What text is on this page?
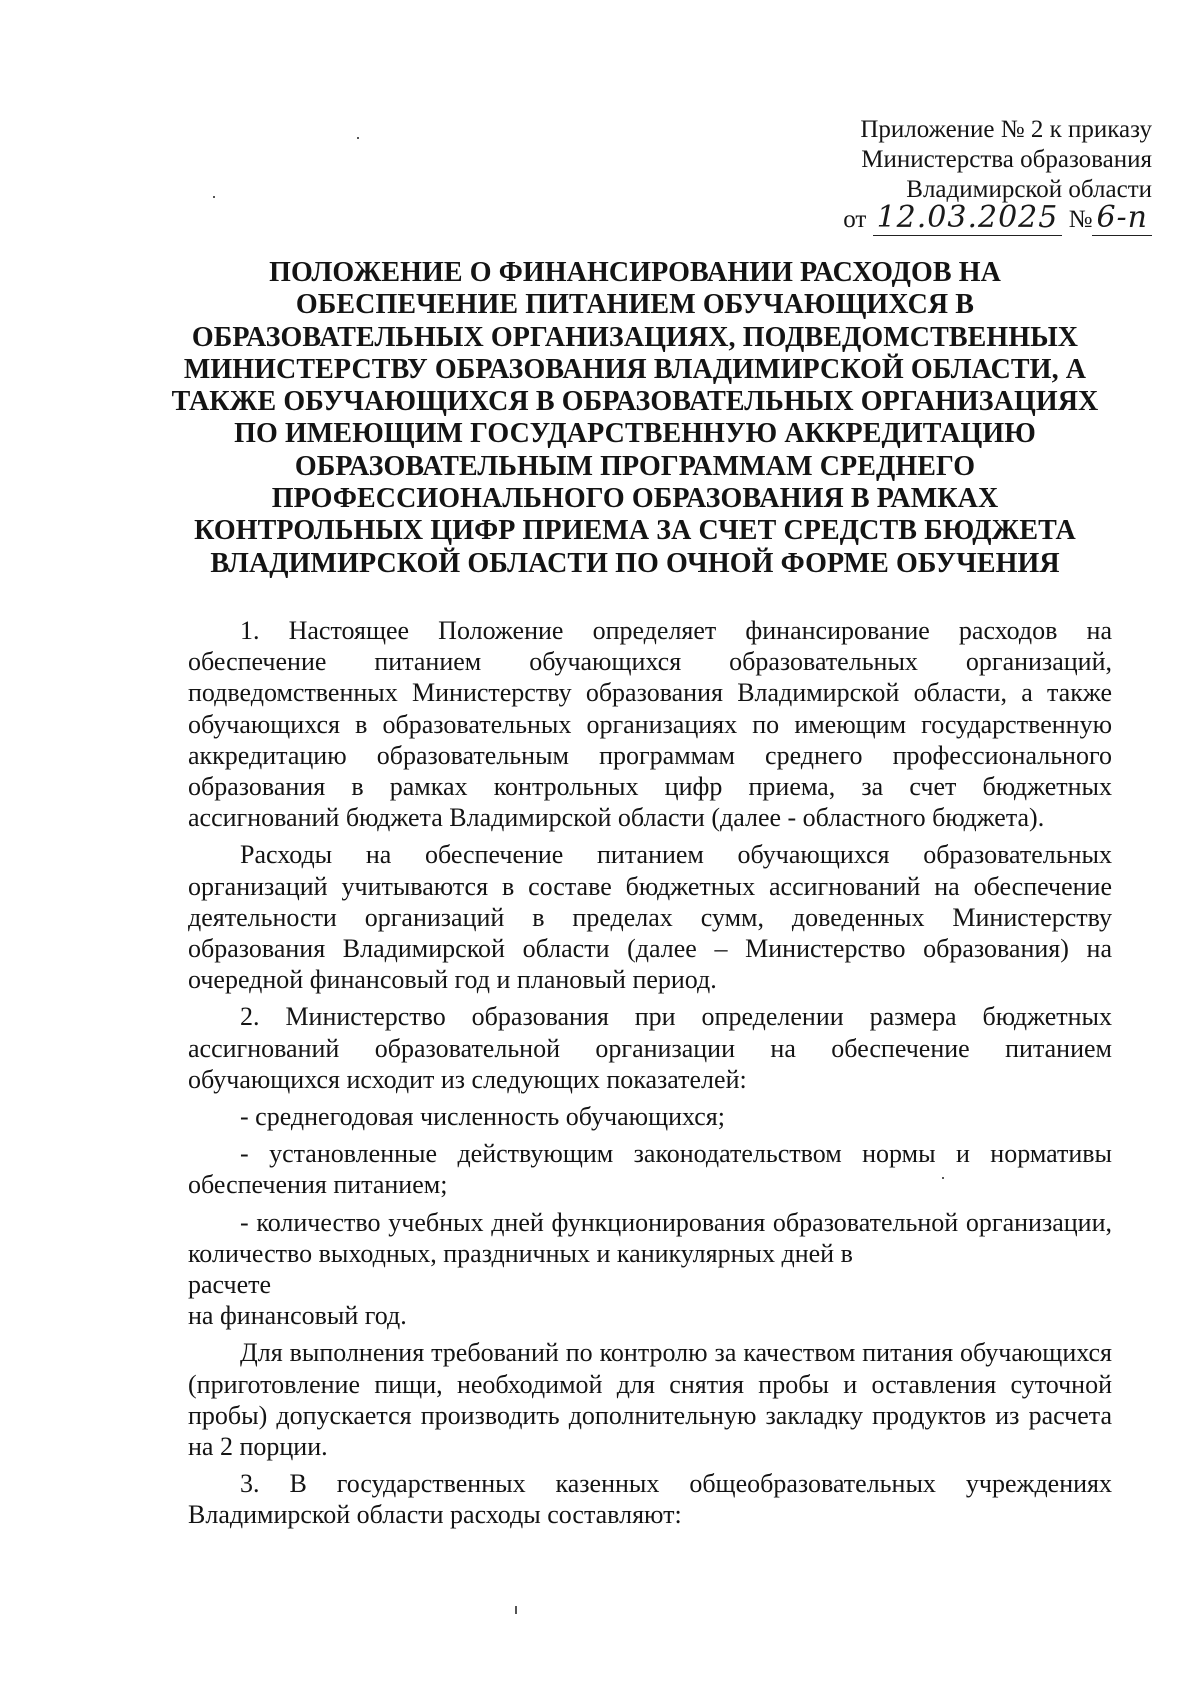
Приложение № 2 к приказу
Министерства образования
Владимирской области
от 12.03.2025 № 6-п
ПОЛОЖЕНИЕ О ФИНАНСИРОВАНИИ РАСХОДОВ НА
ОБЕСПЕЧЕНИЕ ПИТАНИЕМ ОБУЧАЮЩИХСЯ В
ОБРАЗОВАТЕЛЬНЫХ ОРГАНИЗАЦИЯХ, ПОДВЕДОМСТВЕННЫХ
МИНИСТЕРСТВУ ОБРАЗОВАНИЯ ВЛАДИМИРСКОЙ ОБЛАСТИ, А
ТАКЖЕ ОБУЧАЮЩИХСЯ В ОБРАЗОВАТЕЛЬНЫХ ОРГАНИЗАЦИЯХ
ПО ИМЕЮЩИМ ГОСУДАРСТВЕННУЮ АККРЕДИТАЦИЮ
ОБРАЗОВАТЕЛЬНЫМ ПРОГРАММАМ СРЕДНЕГО
ПРОФЕССИОНАЛЬНОГО ОБРАЗОВАНИЯ В РАМКАХ
КОНТРОЛЬНЫХ ЦИФР ПРИЕМА ЗА СЧЕТ СРЕДСТВ БЮДЖЕТА
ВЛАДИМИРСКОЙ ОБЛАСТИ ПО ОЧНОЙ ФОРМЕ ОБУЧЕНИЯ

1. Настоящее Положение определяет финансирование расходов на обеспечение питанием обучающихся образовательных организаций, подведомственных Министерству образования Владимирской области, а также обучающихся в образовательных организациях по имеющим государственную аккредитацию образовательным программам среднего профессионального образования в рамках контрольных цифр приема, за счет бюджетных ассигнований бюджета Владимирской области (далее - областного бюджета).

Расходы на обеспечение питанием обучающихся образовательных организаций учитываются в составе бюджетных ассигнований на обеспечение деятельности организаций в пределах сумм, доведенных Министерству образования Владимирской области (далее – Министерство образования) на очередной финансовый год и плановый период.

2. Министерство образования при определении размера бюджетных ассигнований образовательной организации на обеспечение питанием обучающихся исходит из следующих показателей:

- среднегодовая численность обучающихся;

- установленные действующим законодательством нормы и нормативы обеспечения питанием;

- количество учебных дней функционирования образовательной организации, количество выходных, праздничных и каникулярных дней в

расчете

на финансовый год.

Для выполнения требований по контролю за качеством питания обучающихся (приготовление пищи, необходимой для снятия пробы и оставления суточной пробы) допускается производить дополнительную закладку продуктов из расчета на 2 порции.

3. В государственных казенных общеобразовательных учреждениях Владимирской области расходы составляют:
